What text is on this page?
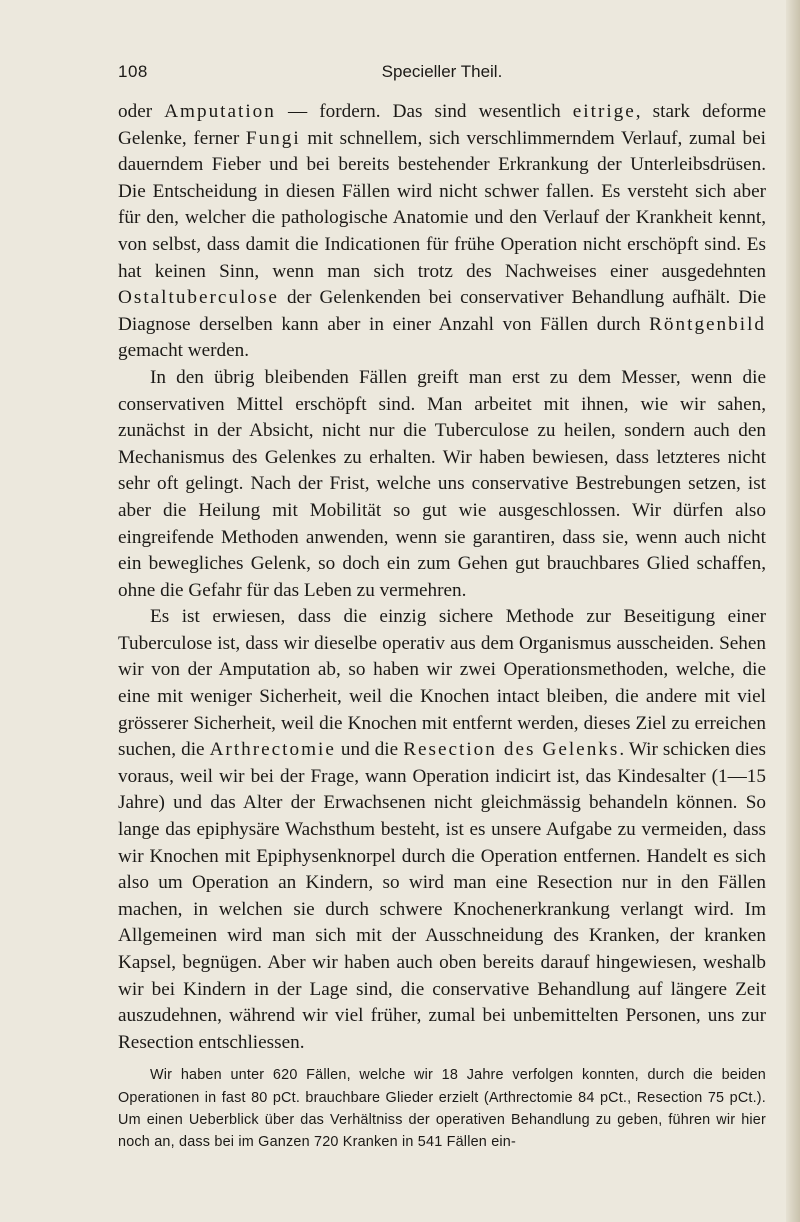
108	Specieller Theil.

oder Amputation — fordern. Das sind wesentlich eitrige, stark deforme Gelenke, ferner Fungi mit schnellem, sich verschlimmerndem Verlauf, zumal bei dauerndem Fieber und bei bereits bestehender Erkrankung der Unterleibsdrüsen. Die Entscheidung in diesen Fällen wird nicht schwer fallen. Es versteht sich aber für den, welcher die pathologische Anatomie und den Verlauf der Krankheit kennt, von selbst, dass damit die Indicationen für frühe Operation nicht erschöpft sind. Es hat keinen Sinn, wenn man sich trotz des Nachweises einer ausgedehnten Ostaltuberculose der Gelenkenden bei conservativer Behandlung aufhält. Die Diagnose derselben kann aber in einer Anzahl von Fällen durch Röntgenbild gemacht werden.

In den übrig bleibenden Fällen greift man erst zu dem Messer, wenn die conservativen Mittel erschöpft sind. Man arbeitet mit ihnen, wie wir sahen, zunächst in der Absicht, nicht nur die Tuberculose zu heilen, sondern auch den Mechanismus des Gelenkes zu erhalten. Wir haben bewiesen, dass letzteres nicht sehr oft gelingt. Nach der Frist, welche uns conservative Bestrebungen setzen, ist aber die Heilung mit Mobilität so gut wie ausgeschlossen. Wir dürfen also eingreifende Methoden anwenden, wenn sie garantiren, dass sie, wenn auch nicht ein bewegliches Gelenk, so doch ein zum Gehen gut brauchbares Glied schaffen, ohne die Gefahr für das Leben zu vermehren.

Es ist erwiesen, dass die einzig sichere Methode zur Beseitigung einer Tuberculose ist, dass wir dieselbe operativ aus dem Organismus ausscheiden. Sehen wir von der Amputation ab, so haben wir zwei Operationsmethoden, welche, die eine mit weniger Sicherheit, weil die Knochen intact bleiben, die andere mit viel grösserer Sicherheit, weil die Knochen mit entfernt werden, dieses Ziel zu erreichen suchen, die Arthrectomie und die Resection des Gelenks. Wir schicken dies voraus, weil wir bei der Frage, wann Operation indicirt ist, das Kindesalter (1—15 Jahre) und das Alter der Erwachsenen nicht gleichmässig behandeln können. So lange das epiphysäre Wachsthum besteht, ist es unsere Aufgabe zu vermeiden, dass wir Knochen mit Epiphysenknorpel durch die Operation entfernen. Handelt es sich also um Operation an Kindern, so wird man eine Resection nur in den Fällen machen, in welchen sie durch schwere Knochenerkrankung verlangt wird. Im Allgemeinen wird man sich mit der Ausschneidung des Kranken, der kranken Kapsel, begnügen. Aber wir haben auch oben bereits darauf hingewiesen, weshalb wir bei Kindern in der Lage sind, die conservative Behandlung auf längere Zeit auszudehnen, während wir viel früher, zumal bei unbemittelten Personen, uns zur Resection entschliessen.

Wir haben unter 620 Fällen, welche wir 18 Jahre verfolgen konnten, durch die beiden Operationen in fast 80 pCt. brauchbare Glieder erzielt (Arthrectomie 84 pCt., Resection 75 pCt.). Um einen Ueberblick über das Verhältniss der operativen Behandlung zu geben, führen wir hier noch an, dass bei im Ganzen 720 Kranken in 541 Fällen ein-
